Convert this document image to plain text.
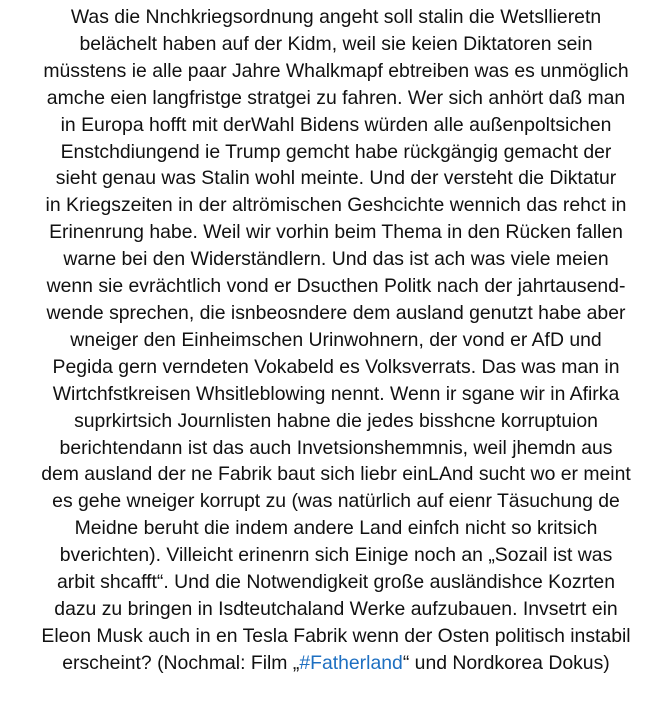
Was die Nnchkriegsordnung angeht soll stalin die Wetsllieretn
belächelt haben auf der Kidm, weil sie keien Diktatoren sein
müsstens ie alle paar Jahre Whalkmapf ebtreiben was es unmöglich
amche eien langfristge stratgei zu fahren. Wer sich anhört daß man
in Europa hofft mit derWahl Bidens würden alle außenpoltsichen
Enstchdiungend ie Trump gemcht habe rückgängig gemacht der
sieht genau was Stalin wohl meinte. Und der versteht die Diktatur
in Kriegszeiten in der altrömischen Geshcichte wennich das rehct in
Erinenrung habe. Weil wir vorhin beim Thema in den Rücken fallen
warne bei den Widerständlern. Und das ist ach was viele meien
wenn sie evrächtlich vond er Dsucthen Politk nach der jahrtausend-
wende sprechen, die isnbeosndere dem ausland genutzt habe aber
wneiger den Einheimschen Urinwohnern, der vond er AfD und
Pegida gern verndeten Vokabeld es Volksverrats. Das was man in
Wirtchfstkreisen Whsitleblowing nennt. Wenn ir sgane wir in Afirka
suprkirtsich Journlisten habne die jedes bisshcne korruptuion
berichtendann ist das auch Invetsionshemmnis, weil jhemdn aus
dem ausland der ne Fabrik baut sich liebr einLAnd sucht wo er meint
es gehe wneiger korrupt zu (was natürlich auf eienr Täsuchung de
Meidne beruht die indem andere Land einfch nicht so kritsich
bverichten). Villeicht erinenrn sich Einige noch an „Sozail ist was
arbit shcafft“. Und die Notwendigkeit große ausländishce Kozrten
dazu zu bringen in Isdteutchaland Werke aufzubauen. Invsetrt ein
Eleon Musk auch in en Tesla Fabrik wenn der Osten politisch instabil
erscheint? (Nochmal: Film „#Fatherland“ und Nordkorea Dokus)
